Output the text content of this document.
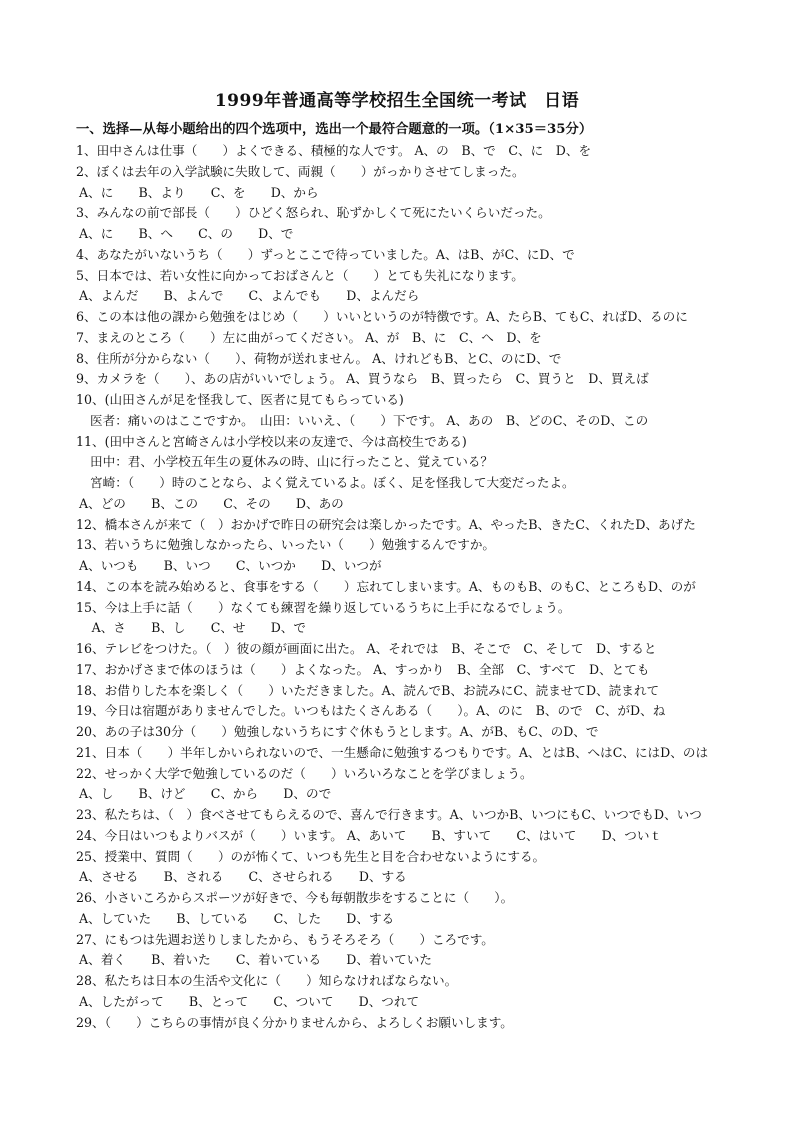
1999年普通高等学校招生全国统一考试　日语
一、选择—从每小题给出的四个选项中，选出一个最符合题意的一项。（1×35＝35分）
1、田中さんは仕事（　　）よくできる、積極的な人です。 A、の　B、で　C、に　D、を
2、ぼくは去年の入学試験に失敗して、両親（　　）がっかりさせてしまった。
A、に　　B、より　　C、を　　D、から
3、みんなの前で部長（　　）ひどく怒られ、恥ずかしくて死にたいくらいだった。
A、に　　B、へ　　C、の　　D、で
4、あなたがいないうち（　　）ずっとここで待っていました。A、はB、がC、にD、で
5、日本では、若い女性に向かっておばさんと（　　）とても失礼になります。
A、よんだ　　B、よんで　　C、よんでも　　D、よんだら
6、この本は他の課から勉強をはじめ（　　）いいというのが特徴です。A、たらB、てもC、ればD、るのに
7、まえのところ（　　）左に曲がってください。 A、が　B、に　C、へ　D、を
8、住所が分からない（　　）、荷物が送れません。 A、けれどもB、とC、のにD、で
9、カメラを（　　）、あの店がいいでしょう。 A、買うなら　B、買ったら　C、買うと　D、買えば
10、(山田さんが足を怪我して、医者に見てもらっている)
医者：痛いのはここですか。　山田：いいえ、（　　）下です。 A、あの　B、どのC、そのD、この
11、(田中さんと宮崎さんは小学校以来の友達で、今は高校生である)
田中：君、小学校五年生の夏休みの時、山に行ったこと、覚えている？
宮崎：（　　）時のことなら、よく覚えているよ。ぼく、足を怪我して大変だったよ。
A、どの　　B、この　　C、その　　D、あの
12、橋本さんが来て（　）おかげで昨日の研究会は楽しかったです。A、やったB、きたC、くれたD、あげた
13、若いうちに勉強しなかったら、いったい（　　）勉強するんですか。
A、いつも　　B、いつ　　C、いつか　　D、いつが
14、この本を読み始めると、食事をする（　　）忘れてしまいます。A、ものもB、のもC、ところもD、のが
15、今は上手に話（　　）なくても練習を繰り返しているうちに上手になるでしょう。
　A、さ　　B、し　　C、せ　　D、で
16、テレビをつけた。（　）彼の顔が画面に出た。 A、それでは　B、そこで　C、そして　D、すると
17、おかげさまで体のほうは（　　）よくなった。 A、すっかり　B、全部　C、すべて　D、とても
18、お借りした本を楽しく（　　）いただきました。A、読んでB、お読みにC、読ませてD、読まれて
19、今日は宿題がありませんでした。いつもはたくさんある（　　）。A、のに　B、ので　C、がD、ね
20、あの子は30分（　　）勉強しないうちにすぐ休もうとします。A、がB、もC、のD、で
21、日本（　　）半年しかいられないので、一生懸命に勉強するつもりです。A、とはB、へはC、にはD、のは
22、せっかく大学で勉強しているのだ（　　）いろいろなことを学びましょう。
A、し　　B、けど　　C、から　　D、ので
23、私たちは、（　）食べさせてもらえるので、喜んで行きます。A、いつかB、いつにもC、いつでもD、いつ
24、今日はいつもよりバスが（　　）います。 A、あいて　　B、すいて　　C、はいて　　D、ついｔ
25、授業中、質問（　　）のが怖くて、いつも先生と目を合わせないようにする。
A、させる　　B、される　　C、させられる　　D、する
26、小さいころからスポーツが好きで、今も毎朝散歩をすることに（　　）。
A、していた　　B、している　　C、した　　D、する
27、にもつは先週お送りしましたから、もうそろそろ（　　）ころです。
A、着く　　B、着いた　　C、着いている　　D、着いていた
28、私たちは日本の生活や文化に（　　）知らなければならない。
A、したがって　　B、とって　　C、ついて　　D、つれて
29、（　　）こちらの事情が良く分かりませんから、よろしくお願いします。
